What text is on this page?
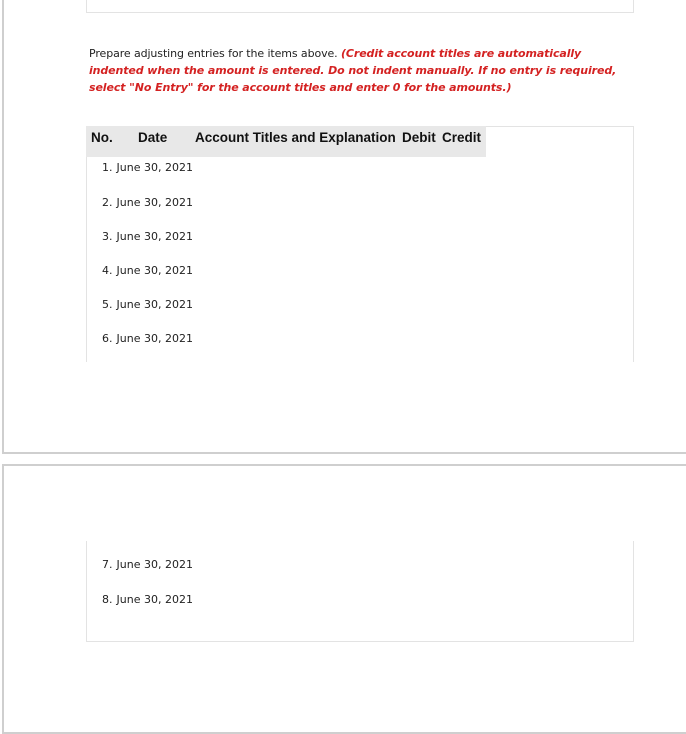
Prepare adjusting entries for the items above. (Credit account titles are automatically indented when the amount is entered. Do not indent manually. If no entry is required, select "No Entry" for the account titles and enter 0 for the amounts.)
No. Date Account Titles and Explanation Debit Credit
1. June 30, 2021
2. June 30, 2021
3. June 30, 2021
4. June 30, 2021
5. June 30, 2021
6. June 30, 2021
7. June 30, 2021
8. June 30, 2021
